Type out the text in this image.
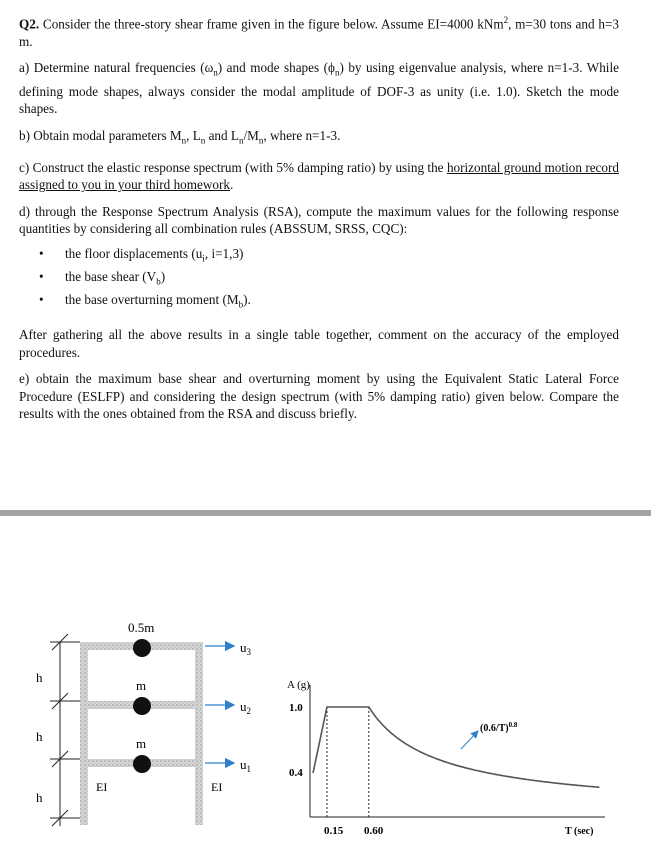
Q2. Consider the three-story shear frame given in the figure below. Assume EI=4000 kNm$^2$, m=30 tons and h=3 m.

a) Determine natural frequencies $(\omega_n)$ and mode shapes $(\phi_n)$ by using eigenvalue analysis, where n=1-3. While defining mode shapes, always consider the modal amplitude of DOF-3 as unity (i.e. 1.0). Sketch the mode shapes.

b) Obtain modal parameters $M_n$, $L_n$ and $L_n/M_n$, where n=1-3.

c) Construct the elastic response spectrum (with 5% damping ratio) by using the horizontal ground motion record assigned to you in your third homework.

d) through the Response Spectrum Analysis (RSA), compute the maximum values for the following response quantities by considering all combination rules (ABSSUM, SRSS, CQC):

• the floor displacements ($u_i$, i=1,3)
• the base shear $(V_b)$
• the base overturning moment $(M_b)$.

After gathering all the above results in a single table together, comment on the accuracy of the employed procedures.

e) obtain the maximum base shear and overturning moment by using the Equivalent Static Lateral Force Procedure (ESLFP) and considering the design spectrum (with 5% damping ratio) given below. Compare the results with the ones obtained from the RSA and discuss briefly.

h
h
h
0.5m
m
m
EI	EI
$u_3$
$u_2$
$u_1$
A (g)
1.0
0.4
0.15 0.60	T (sec)
$(0.6/T)^{0.8}$
